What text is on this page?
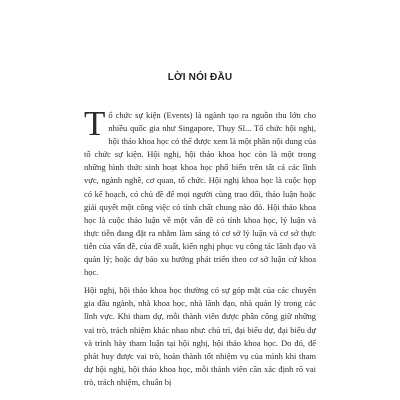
LỜI NÓI ĐẦU

Tổ chức sự kiện (Events) là ngành tạo ra nguồn thu lớn cho nhiều quốc gia như Singapore, Thụy Sĩ... Tổ chức hội nghị, hội thảo khoa học có thể được xem là một phần nội dung của tổ chức sự kiện. Hội nghị, hội thảo khoa học còn là một trong những hình thức sinh hoạt khoa học phổ biến trên tất cả các lĩnh vực, ngành nghề, cơ quan, tổ chức. Hội nghị khoa học là cuộc họp có kế hoạch, có chủ đề để mọi người cùng trao đổi, thảo luận hoặc giải quyết một công việc có tính chất chung nào đó. Hội thảo khoa học là cuộc thảo luận về một vấn đề có tính khoa học, lý luận và thực tiễn đang đặt ra nhằm làm sáng tỏ cơ sở lý luận và cơ sở thực tiễn của vấn đề, của đề xuất, kiến nghị phục vụ công tác lãnh đạo và quản lý; hoặc dự báo xu hướng phát triển theo cơ sở luận cứ khoa học.

Hội nghị, hội thảo khoa học thường có sự góp mặt của các chuyên gia đầu ngành, nhà khoa học, nhà lãnh đạo, nhà quản lý trong các lĩnh vực. Khi tham dự, mỗi thành viên được phân công giữ những vai trò, trách nhiệm khác nhau như: chủ trì, đại biểu dự, đại biểu dự và trình bày tham luận tại hội nghị, hội thảo khoa học. Do đó, để phát huy được vai trò, hoàn thành tốt nhiệm vụ của mình khi tham dự hội nghị, hội thảo khoa học, mỗi thành viên cần xác định rõ vai trò, trách nhiệm, chuẩn bị
